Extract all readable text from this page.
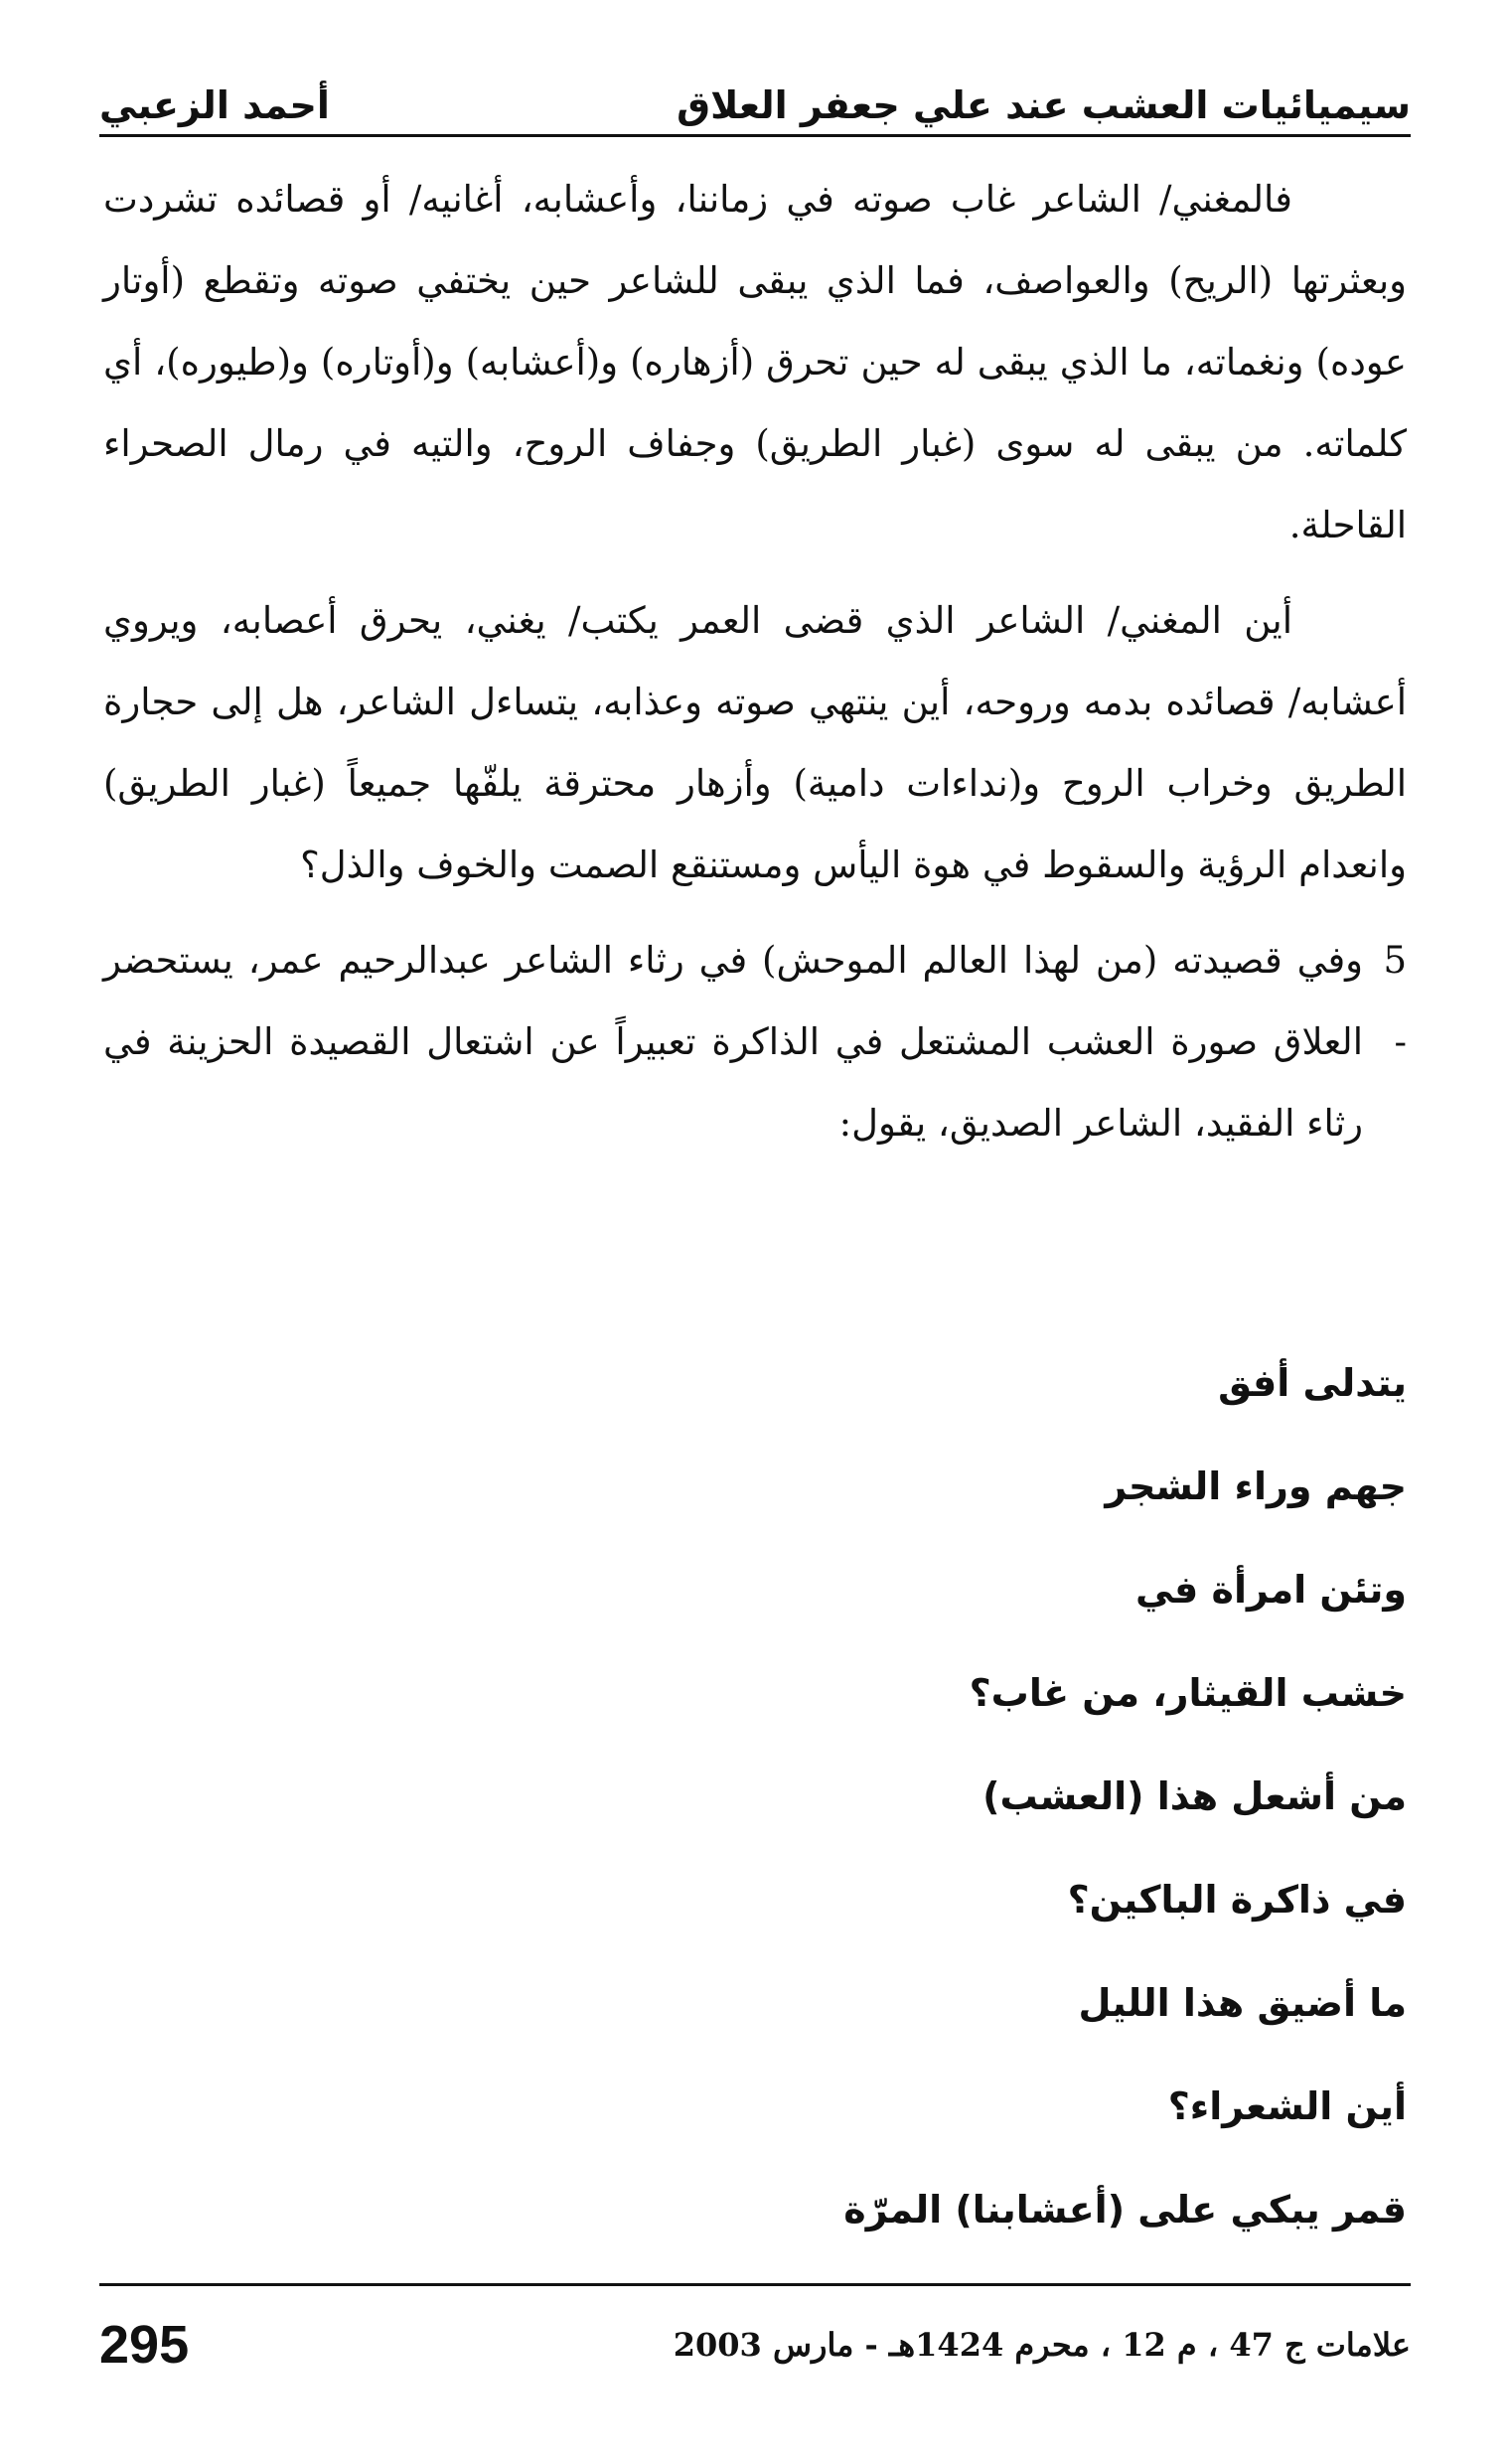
سيميائيات العشب عند علي جعفر العلاق
أحمد الزعبي

فالمغني/ الشاعر غاب صوته في زماننا، وأعشابه، أغانيه/ أو قصائده تشردت وبعثرتها (الريح) والعواصف، فما الذي يبقى للشاعر حين يختفي صوته وتقطع (أوتار عوده) ونغماته، ما الذي يبقى له حين تحرق (أزهاره) و(أعشابه) و(أوتاره) و(طيوره)، أي كلماته. من يبقى له سوى (غبار الطريق) وجفاف الروح، والتيه في رمال الصحراء القاحلة.

أين المغني/ الشاعر الذي قضى العمر يكتب/ يغني، يحرق أعصابه، ويروي أعشابه/ قصائده بدمه وروحه، أين ينتهي صوته وعذابه، يتساءل الشاعر، هل إلى حجارة الطريق وخراب الروح و(نداءات دامية) وأزهار محترقة يلفّها جميعاً (غبار الطريق) وانعدام الرؤية والسقوط في هوة اليأس ومستنقع الصمت والخوف والذل؟

5 -
وفي قصيدته (من لهذا العالم الموحش) في رثاء الشاعر عبدالرحيم عمر، يستحضر العلاق صورة العشب المشتعل في الذاكرة تعبيراً عن اشتعال القصيدة الحزينة في رثاء الفقيد، الشاعر الصديق، يقول:
يتدلى أفق
جهم وراء الشجر
وتئن امرأة في
خشب القيثار، من غاب؟
من أشعل هذا (العشب)
في ذاكرة الباكين؟
ما أضيق هذا الليل
أين الشعراء؟
قمر يبكي على (أعشابنا) المرّة
علامات ج 47 ، م 12 ، محرم 1424هـ - مارس 2003
295
